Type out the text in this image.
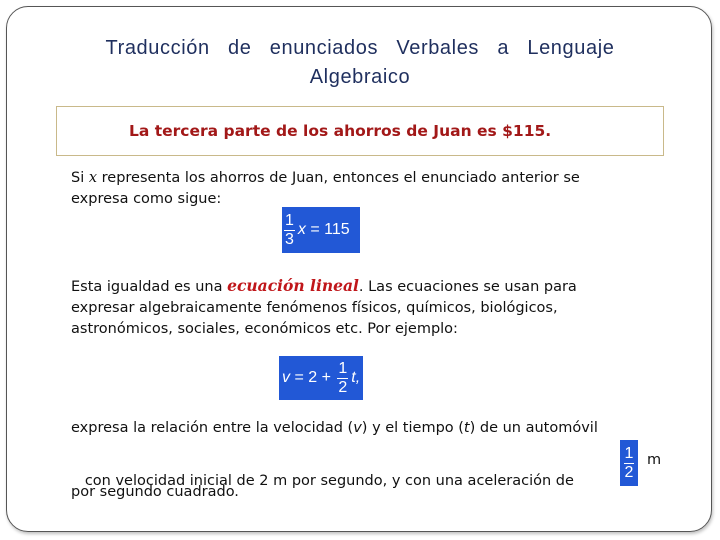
Traducción  de  enunciados  Verbales  a  Lenguaje
Algebraico
La tercera parte de los ahorros de Juan es $115.
Si x representa los ahorros de Juan, entonces el enunciado anterior se
expresa como sigue:
$\frac{1}{3}$ x = 115
Esta igualdad es una ecuación lineal. Las ecuaciones se usan para
expresar algebraicamente fenómenos físicos, químicos, biológicos,
astronómicos, sociales, económicos etc. Por ejemplo:
$v = 2 + \frac{1}{2}$ t ,
expresa la relación entre la velocidad (v) y el tiempo (t) de un automóvil

con velocidad inicial de 2 m por segundo, y con una aceleración de

$\frac{1}{2}$ m
por segundo cuadrado.
